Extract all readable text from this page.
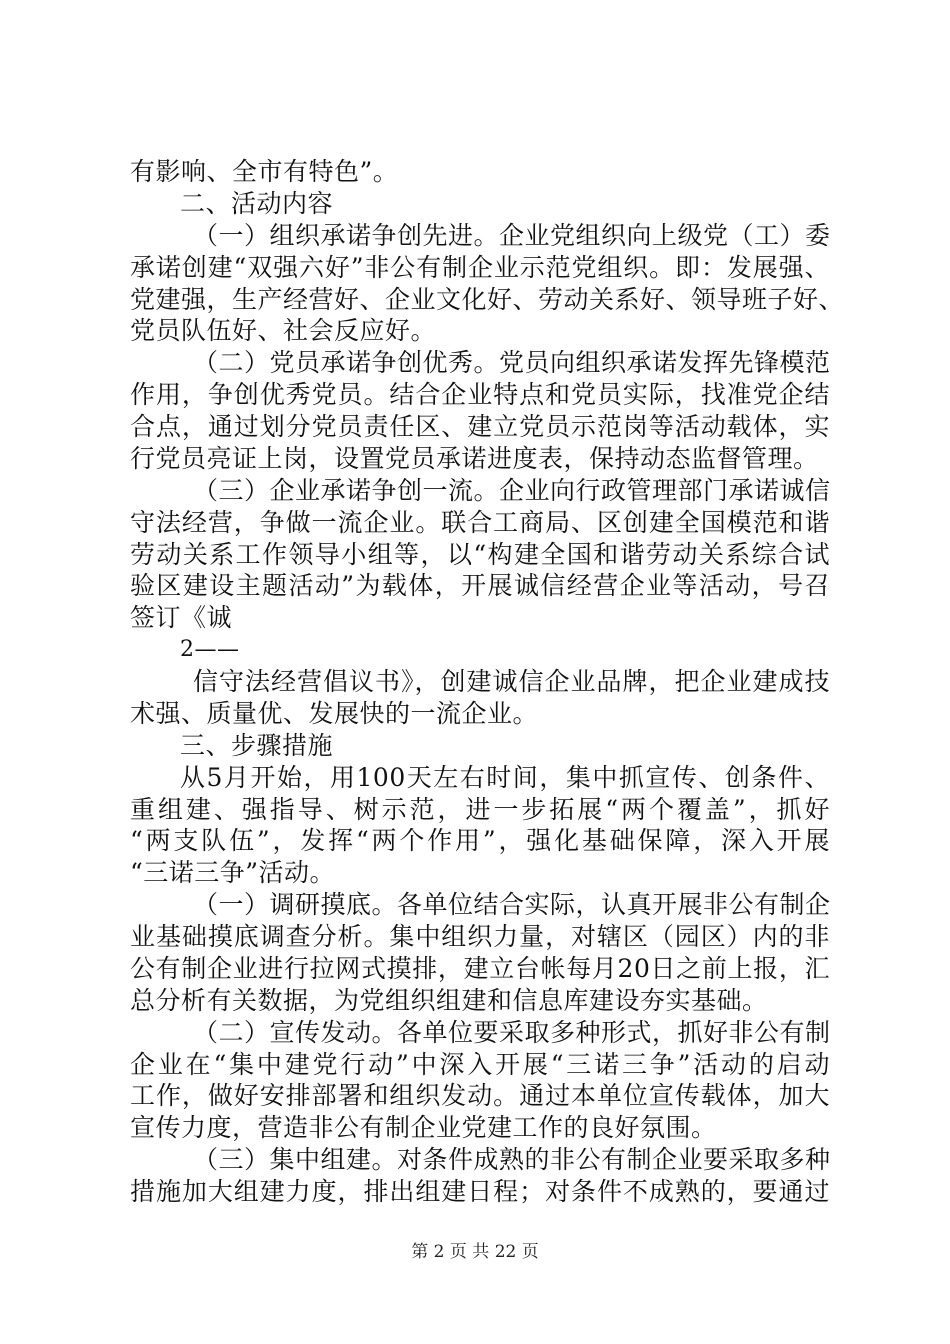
有影响、全市有特色”。
二、活动内容
（一）组织承诺争创先进。企业党组织向上级党（工）委
承诺创建“双强六好”非公有制企业示范党组织。即：发展强、
党建强，生产经营好、企业文化好、劳动关系好、领导班子好、
党员队伍好、社会反应好。
（二）党员承诺争创优秀。党员向组织承诺发挥先锋模范
作用，争创优秀党员。结合企业特点和党员实际，找准党企结
合点，通过划分党员责任区、建立党员示范岗等活动载体，实
行党员亮证上岗，设置党员承诺进度表，保持动态监督管理。
（三）企业承诺争创一流。企业向行政管理部门承诺诚信
守法经营，争做一流企业。联合工商局、区创建全国模范和谐
劳动关系工作领导小组等，以“构建全国和谐劳动关系综合试
验区建设主题活动”为载体，开展诚信经营企业等活动，号召
签订《诚
2——
信守法经营倡议书》，创建诚信企业品牌，把企业建成技
术强、质量优、发展快的一流企业。
三、步骤措施
从5月开始，用100天左右时间，集中抓宣传、创条件、
重组建、强指导、树示范，进一步拓展“两个覆盖”，抓好
“两支队伍”，发挥“两个作用”，强化基础保障，深入开展
“三诺三争”活动。
（一）调研摸底。各单位结合实际，认真开展非公有制企
业基础摸底调查分析。集中组织力量，对辖区（园区）内的非
公有制企业进行拉网式摸排，建立台帐每月20日之前上报，汇
总分析有关数据，为党组织组建和信息库建设夯实基础。
（二）宣传发动。各单位要采取多种形式，抓好非公有制
企业在“集中建党行动”中深入开展“三诺三争”活动的启动
工作，做好安排部署和组织发动。通过本单位宣传载体，加大
宣传力度，营造非公有制企业党建工作的良好氛围。
（三）集中组建。对条件成熟的非公有制企业要采取多种
措施加大组建力度，排出组建日程；对条件不成熟的，要通过
第 2 页 共 22 页
